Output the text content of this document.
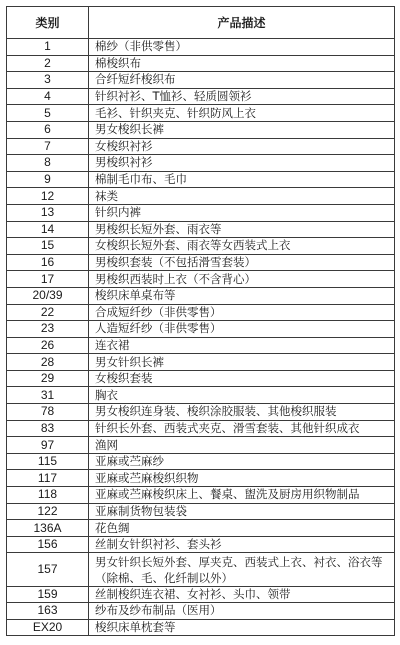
类别	产品描述
1	棉纱（非供零售）
2	棉梭织布
3	合纤短纤梭织布
4	针织衬衫、T恤衫、轻质圆领衫
5	毛衫、针织夹克、针织防风上衣
6	男女梭织长裤
7	女梭织衬衫
8	男梭织衬衫
9	棉制毛巾布、毛巾
12	袜类
13	针织内裤
14	男梭织长短外套、雨衣等
15	女梭织长短外套、雨衣等女西装式上衣
16	男梭织套装（不包括滑雪套装）
17	男梭织西装时上衣（不含背心）
20/39	梭织床单桌布等
22	合成短纤纱（非供零售）
23	人造短纤纱（非供零售）
26	连衣裙
28	男女针织长裤
29	女梭织套装
31	胸衣
78	男女梭织连身装、梭织涂胶服装、其他梭织服装
83	针织长外套、西装式夹克、滑雪套装、其他针织成衣
97	渔网
115	亚麻或苎麻纱
117	亚麻或苎麻梭织织物
118	亚麻或苎麻梭织床上、餐桌、盥洗及厨房用织物制品
122	亚麻制货物包装袋
136A	花色绸
156	丝制女针织衬衫、套头衫
157	男女针织长短外套、厚夹克、西装式上衣、衬衣、浴衣等（除棉、毛、化纤制以外）
159	丝制梭织连衣裙、女衬衫、头巾、领带
163	纱布及纱布制品（医用）
EX20	梭织床单枕套等
